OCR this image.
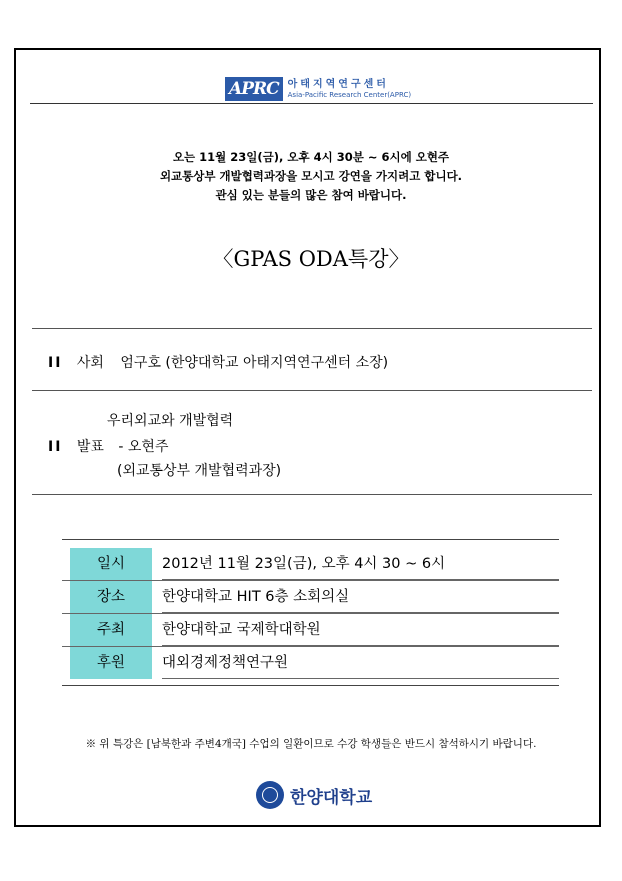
APRC 아태지역연구센터
Asia-Pacific Research Center(APRC)
오는 11월 23일(금), 오후 4시 30분 ~ 6시에 오현주
외교통상부 개발협력과장을 모시고 강연을 가지려고 합니다.
관심 있는 분들의 많은 참여 바랍니다.
〈GPAS ODA특강〉
II 사회 엄구호 (한양대학교 아태지역연구센터 소장)
우리외교와 개발협력
II 발표 - 오현주
(외교통상부 개발협력과장)
일시	2012년 11월 23일(금), 오후 4시 30 ~ 6시
장소	한양대학교 HIT 6층 소회의실
주최	한양대학교 국제학대학원
후원	대외경제정책연구원
※ 위 특강은 [남북한과 주변4개국] 수업의 일환이므로 수강 학생들은 반드시 참석하시기 바랍니다.
한양대학교
